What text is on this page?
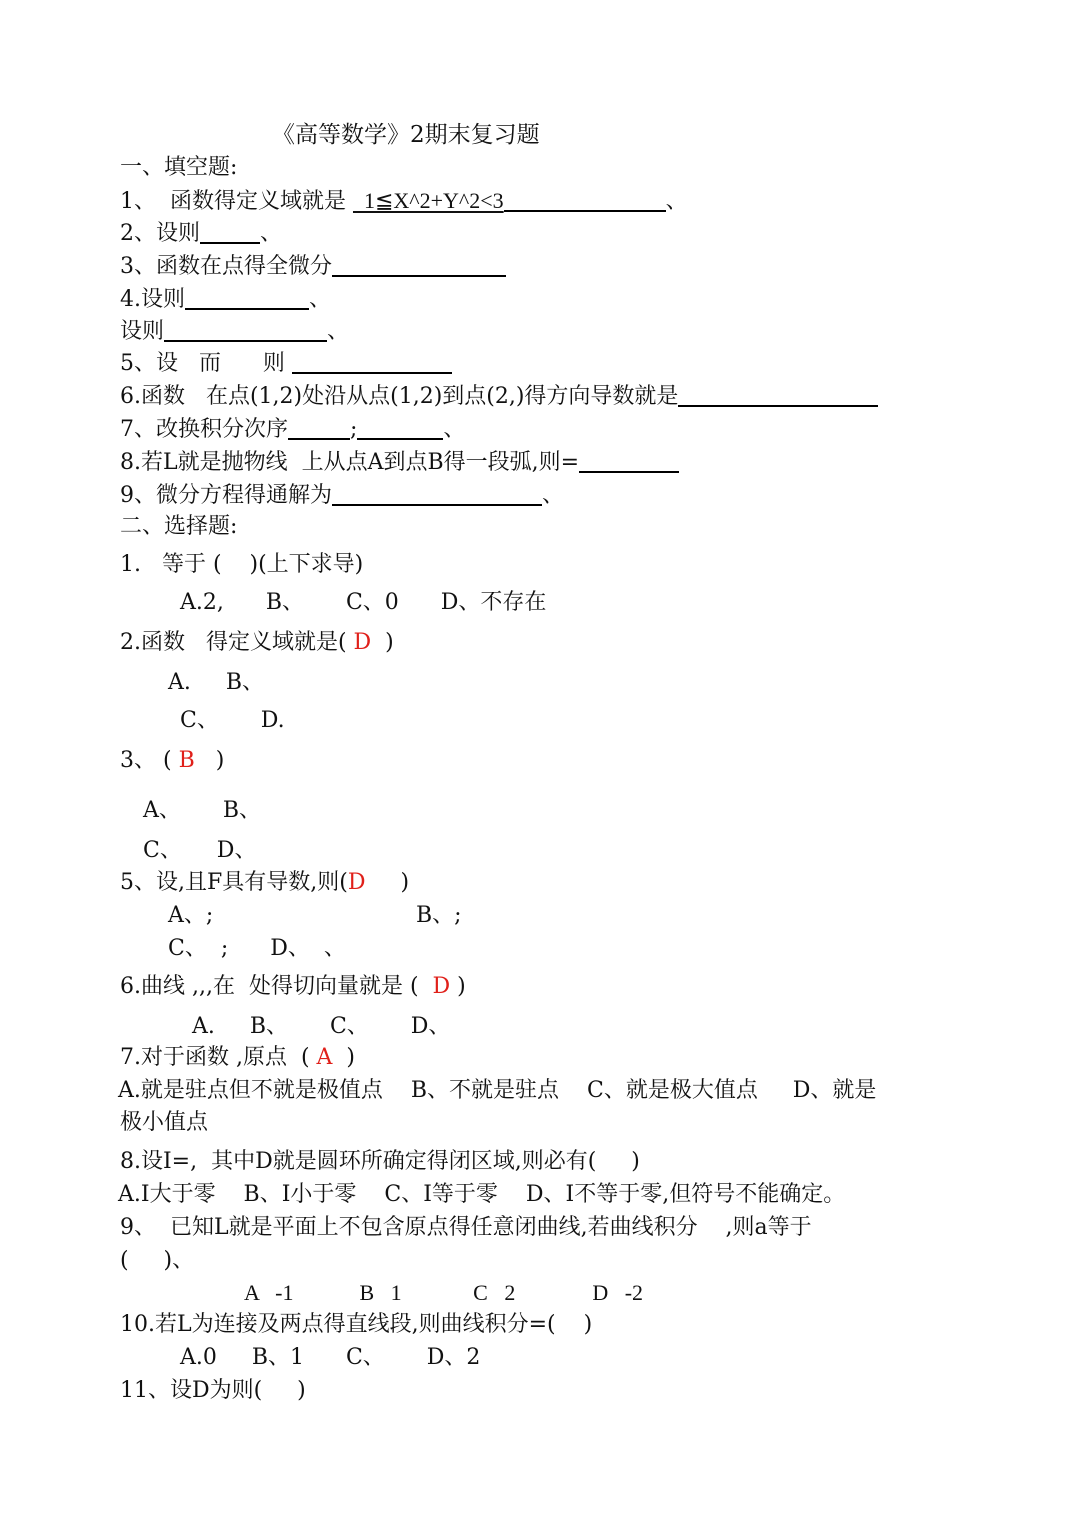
《高等数学》2期末复习题
一、填空题:
1、  函数得定义域就是   1≦X^2+Y^2<3	、
2、设则	、
3、函数在点得全微分
4.设则	、
设则	、
5、设   而      则
6.函数   在点(1,2)处沿从点(1,2)到点(2,)得方向导数就是
7、改换积分次序	;	、
8.若L就是抛物线  上从点A到点B得一段弧,则=
9、微分方程得通解为	、
二、选择题:
1.   等于 (    )(上下求导)
A.2,      B、      C、0      D、不存在
2.函数   得定义域就是( D  )
A.     B、
C、      D.
3、 ( B   )
A、      B、
C、     D、
5、设,且F具有导数,则(D     )
A、;	B、;
C、  ;      D、  、
6.曲线 ,,,在  处得切向量就是 (  D )
A.     B、      C、      D、
7.对于函数 ,原点  ( A  )
A.就是驻点但不就是极值点    B、不就是驻点    C、就是极大值点     D、就是
极小值点
8.设I=,  其中D就是圆环所确定得闭区域,则必有(     )
A.I大于零    B、I小于零    C、I等于零    D、I不等于零,但符号不能确定。
9、  已知L就是平面上不包含原点得任意闭曲线,若曲线积分    ,则a等于
(     )、
A   -1            B   1             C   2              D   -2
10.若L为连接及两点得直线段,则曲线积分=(    )
A.0     B、1      C、      D、2
11、设D为则(     )
